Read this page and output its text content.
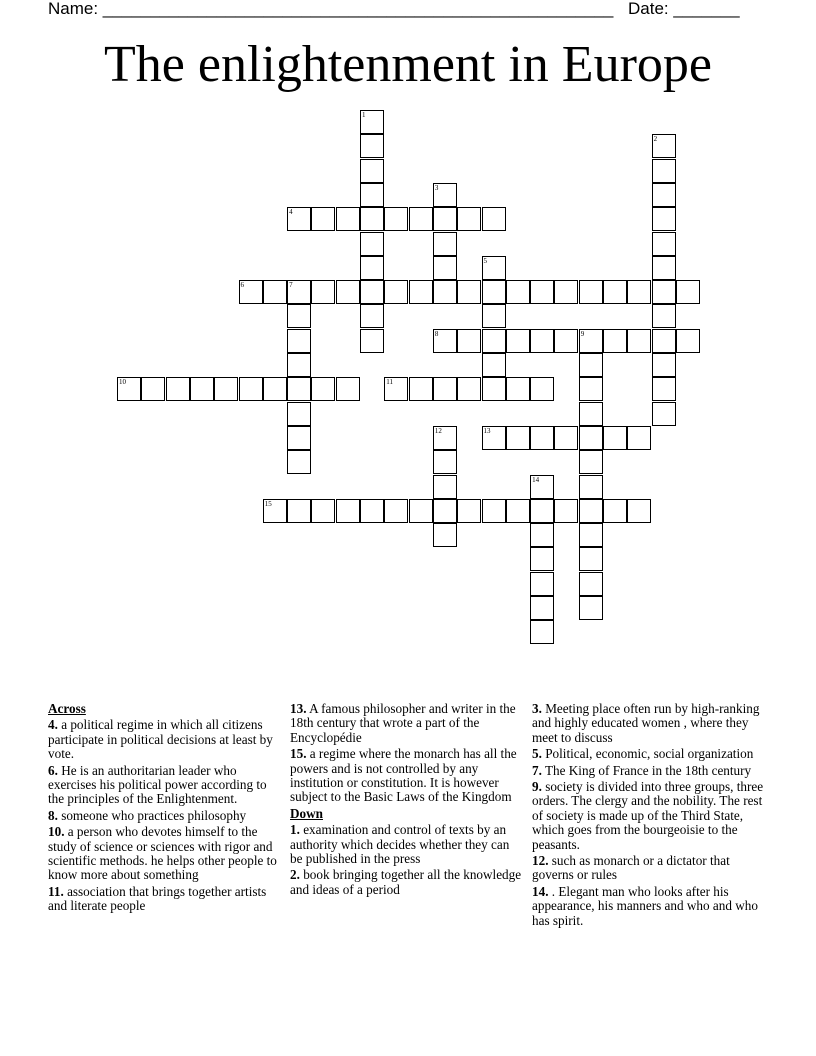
Name: ______________________________________________________ Date: _______
The enlightenment in Europe
1
2
3
4
5
6	7
8	9
10	11
12	13
14
15
Across
4. a political regime in which all citizens participate in political decisions at least by vote.
6. He is an authoritarian leader who exercises his political power according to the principles of the Enlightenment.
8. someone who practices philosophy
10. a person who devotes himself to the study of science or sciences with rigor and scientific methods. he helps other people to know more about something
11. association that brings together artists and literate people
13. A famous philosopher and writer in the 18th century that wrote a part of the Encyclopédie
15. a regime where the monarch has all the powers and is not controlled by any institution or constitution. It is however subject to the Basic Laws of the Kingdom
Down
1. examination and control of texts by an authority which decides whether they can be published in the press
2. book bringing together all the knowledge and ideas of a period
3. Meeting place often run by high-ranking and highly educated women , where they meet to discuss
5. Political, economic, social organization
7. The King of France in the 18th century
9. society is divided into three groups, three orders. The clergy and the nobility. The rest of society is made up of the Third State, which goes from the bourgeoisie to the peasants.
12. such as monarch or a dictator that governs or rules
14. . Elegant man who looks after his appearance, his manners and who and who has spirit.
